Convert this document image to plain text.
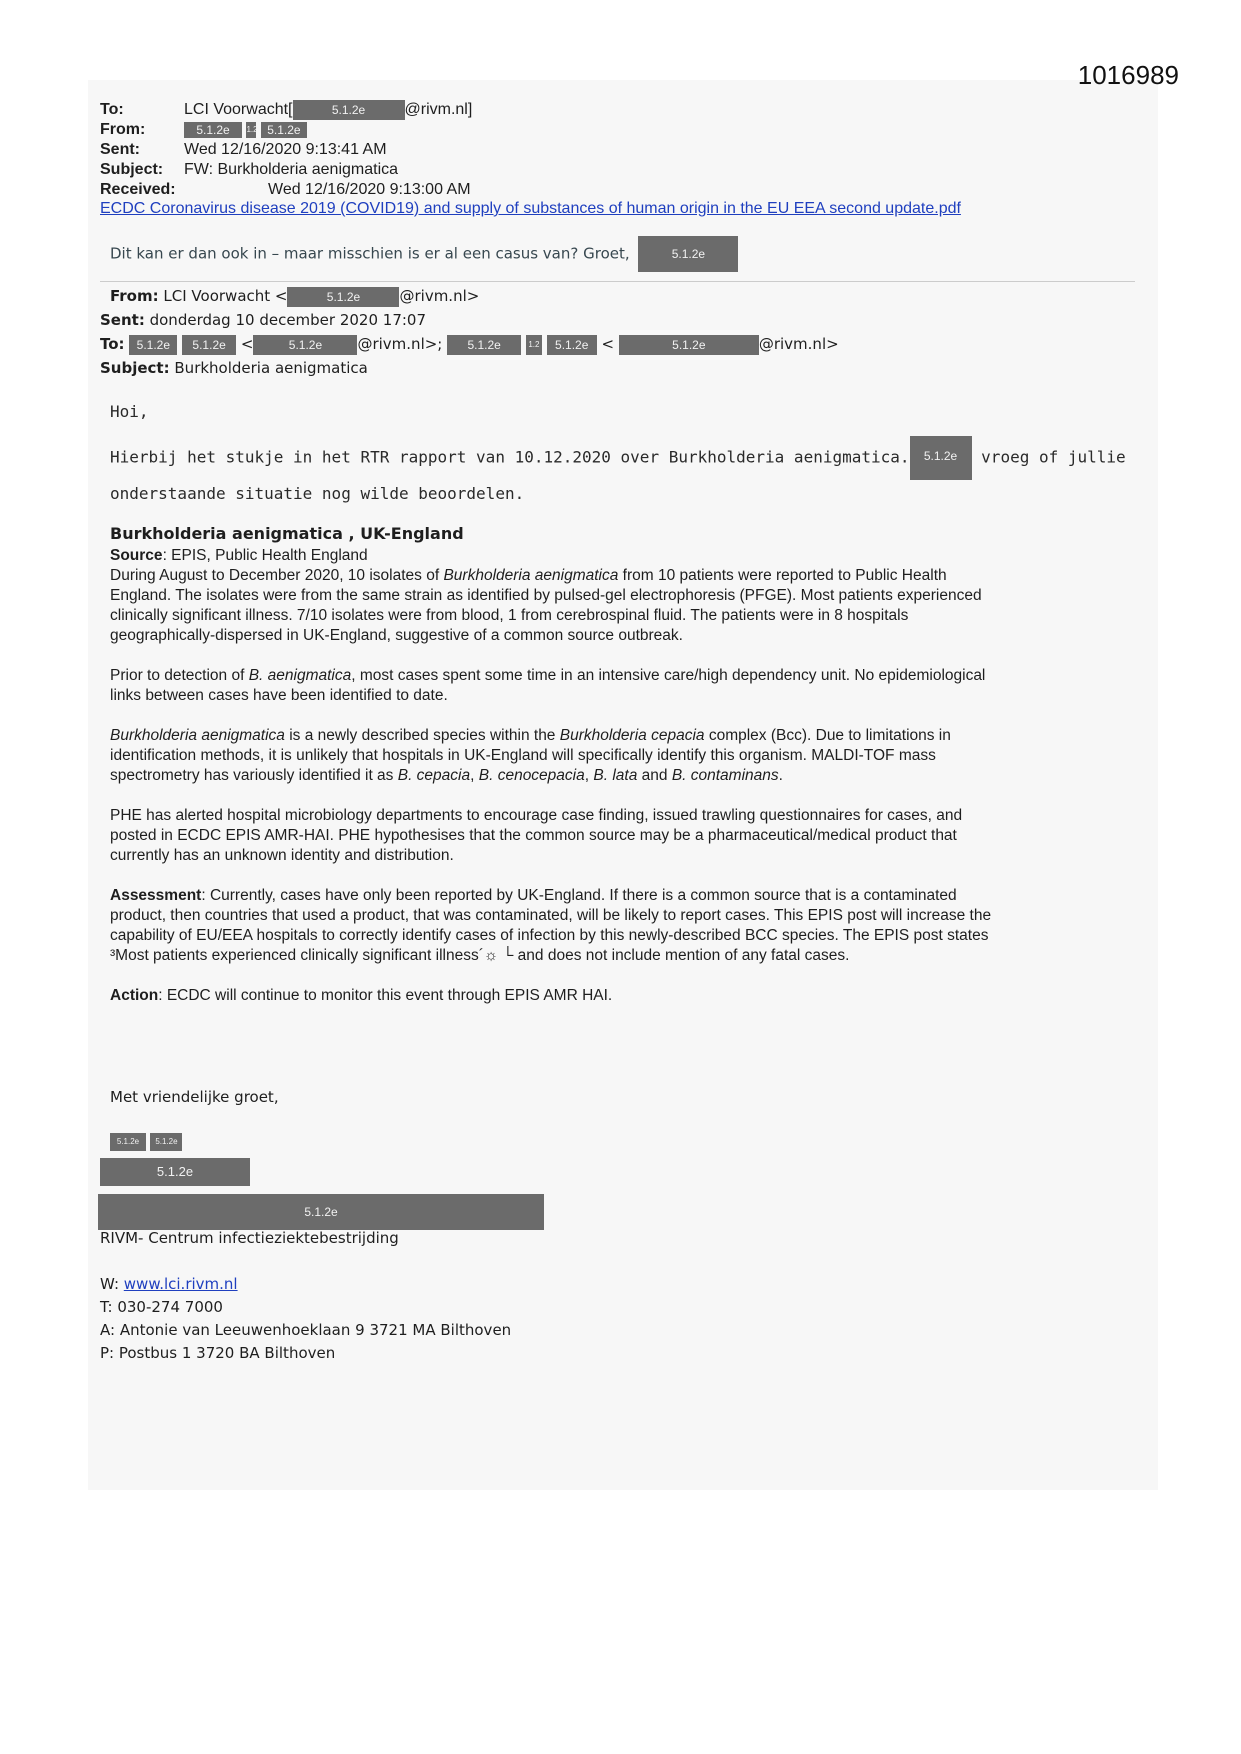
1016989
To:	LCI Voorwacht[	5.1.2e @rivm.nl]
From:	5.1.2e 1.2 5.1.2e
Sent:	Wed 12/16/2020 9:13:41 AM
Subject: FW: Burkholderia aenigmatica
Received:	Wed 12/16/2020 9:13:00 AM
ECDC Coronavirus disease 2019 (COVID19) and supply of substances of human origin in the EU EEA second update.pdf
Dit kan er dan ook in – maar misschien is er al een casus van? Groet,	5.1.2e
From: LCI Voorwacht <	5.1.2e	@rivm.nl>
Sent: donderdag 10 december 2020 17:07
To: 5.1.2e 5.1.2e <	5.1.2e @rivm.nl>; 5.1.2e	1.2 5.1.2e <	5.1.2e	@rivm.nl>
Subject: Burkholderia aenigmatica
Hoi,
Hierbij het stukje in het RTR rapport van 10.12.2020 over Burkholderia aenigmatica. 5.1.2e vroeg of jullie
onderstaande situatie nog wilde beoordelen.

Burkholderia aenigmatica , UK-England

Source: EPIS, Public Health England

During August to December 2020, 10 isolates of Burkholderia aenigmatica from 10 patients were reported to Public Health England. The isolates were from the same strain as identified by pulsed-gel electrophoresis (PFGE). Most patients experienced clinically significant illness. 7/10 isolates were from blood, 1 from cerebrospinal fluid. The patients were in 8 hospitals geographically-dispersed in UK-England, suggestive of a common source outbreak.

Prior to detection of B. aenigmatica, most cases spent some time in an intensive care/high dependency unit. No epidemiological links between cases have been identified to date.

Burkholderia aenigmatica is a newly described species within the Burkholderia cepacia complex (Bcc). Due to limitations in identification methods, it is unlikely that hospitals in UK-England will specifically identify this organism. MALDI-TOF mass spectrometry has variously identified it as B. cepacia, B. cenocepacia, B. lata and B. contaminans.

PHE has alerted hospital microbiology departments to encourage case finding, issued trawling questionnaires for cases, and posted in ECDC EPIS AMR-HAI. PHE hypothesises that the common source may be a pharmaceutical/medical product that currently has an unknown identity and distribution.

Assessment: Currently, cases have only been reported by UK-England. If there is a common source that is a contaminated product, then countries that used a product, that was contaminated, will be likely to report cases. This EPIS post will increase the capability of EU/EEA hospitals to correctly identify cases of infection by this newly-described BCC species. The EPIS post states ³Most patients experienced clinically significant illness´☼ └ and does not include mention of any fatal cases.

Action: ECDC will continue to monitor this event through EPIS AMR HAI.

Met vriendelijke groet,
5.1.2e 5.1.2e
5.1.2e
5.1.2e
RIVM- Centrum infectieziektebestrijding
W: www.lci.rivm.nl
T: 030-274 7000
A: Antonie van Leeuwenhoeklaan 9 3721 MA Bilthoven
P: Postbus 1 3720 BA Bilthoven
